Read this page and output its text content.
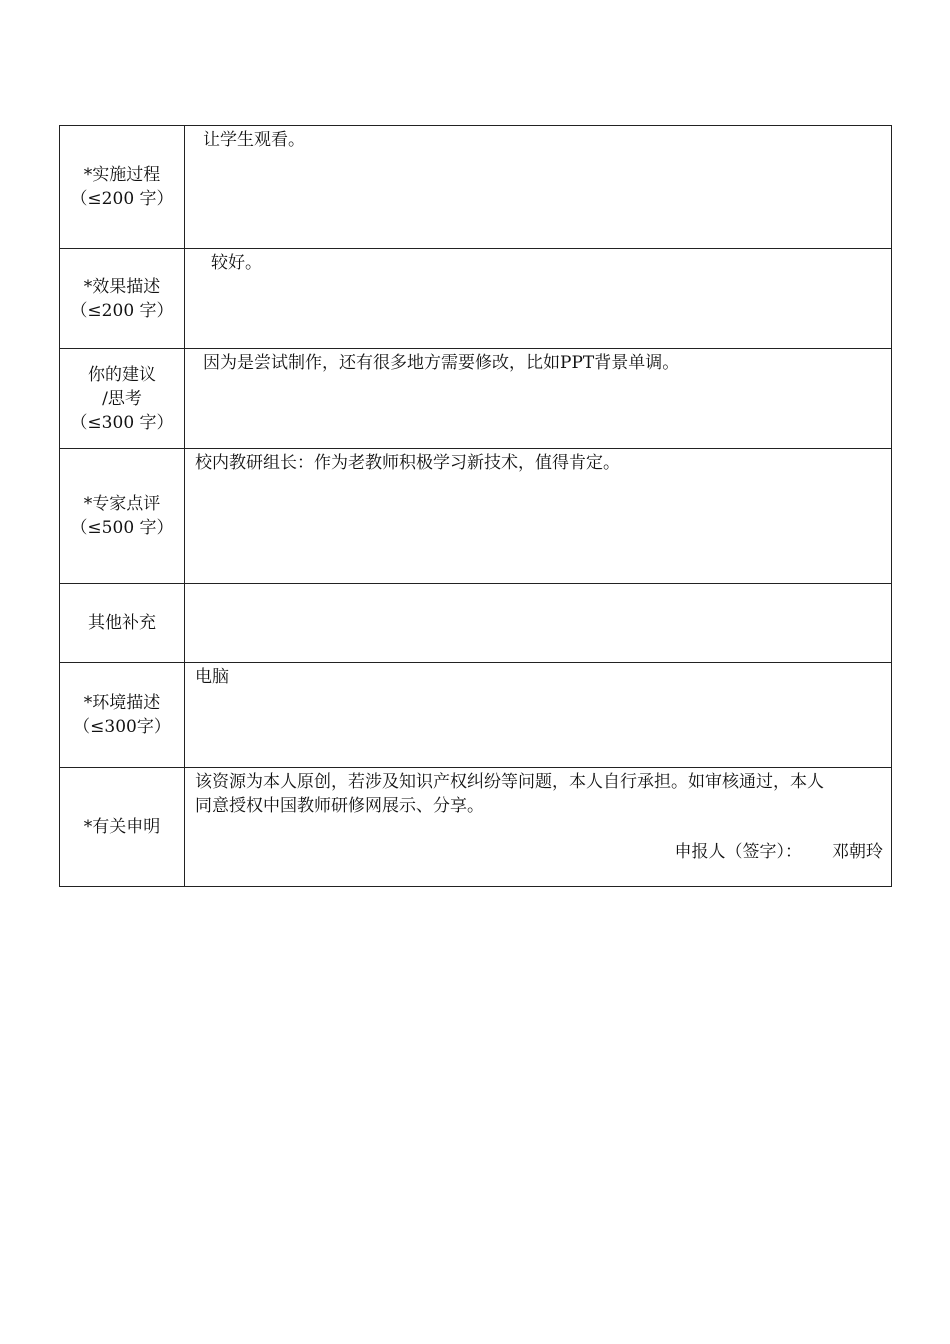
*实施过程
（≤200 字）	让学生观看。

*效果描述
（≤200 字）	较好。

你的建议
/思考
（≤300 字）	因为是尝试制作，还有很多地方需要修改，比如PPT背景单调。

*专家点评
（≤500 字）	校内教研组长：作为老教师积极学习新技术，值得肯定。

其他补充	

*环境描述
（≤300字）	电脑

*有关申明	该资源为本人原创，若涉及知识产权纠纷等问题，本人自行承担。如审核通过，本人
同意授权中国教师研修网展示、分享。
申报人（签字）： 邓朝玲
